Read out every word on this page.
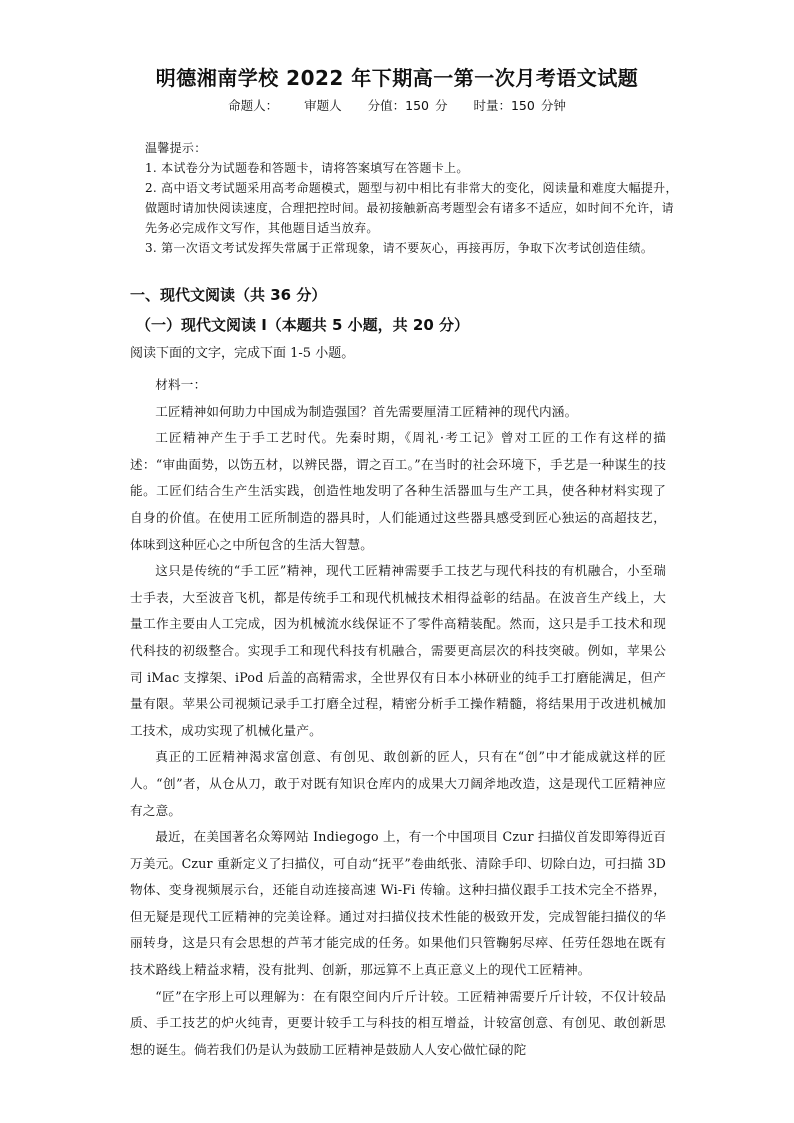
明德湘南学校 2022 年下期高一第一次月考语文试题
命题人： 审题人 分值：150 分 时量：150 分钟

温馨提示：

1. 本试卷分为试题卷和答题卡，请将答案填写在答题卡上。

2. 高中语文考试题采用高考命题模式，题型与初中相比有非常大的变化，阅读量和难度大幅提升，做题时请加快阅读速度，合理把控时间。最初接触新高考题型会有诸多不适应，如时间不允许，请先务必完成作文写作，其他题目适当放弃。

3. 第一次语文考试发挥失常属于正常现象，请不要灰心，再接再厉，争取下次考试创造佳绩。

一、现代文阅读（共 36 分）
（一）现代文阅读 I（本题共 5 小题，共 20 分）
阅读下面的文字，完成下面 1-5 小题。

材料一：

工匠精神如何助力中国成为制造强国？首先需要厘清工匠精神的现代内涵。

工匠精神产生于手工艺时代。先秦时期，《周礼·考工记》曾对工匠的工作有这样的描述：“审曲面势，以饬五材，以辨民器，谓之百工。”在当时的社会环境下，手艺是一种谋生的技能。工匠们结合生产生活实践，创造性地发明了各种生活器皿与生产工具，使各种材料实现了自身的价值。在使用工匠所制造的器具时，人们能通过这些器具感受到匠心独运的高超技艺，体味到这种匠心之中所包含的生活大智慧。

这只是传统的“手工匠”精神，现代工匠精神需要手工技艺与现代科技的有机融合，小至瑞士手表，大至波音飞机，都是传统手工和现代机械技术相得益彰的结晶。在波音生产线上，大量工作主要由人工完成，因为机械流水线保证不了零件高精装配。然而，这只是手工技术和现代科技的初级整合。实现手工和现代科技有机融合，需要更高层次的科技突破。例如，苹果公司 iMac 支撑架、iPod 后盖的高精需求，全世界仅有日本小林研业的纯手工打磨能满足，但产量有限。苹果公司视频记录手工打磨全过程，精密分析手工操作精髓，将结果用于改进机械加工技术，成功实现了机械化量产。

真正的工匠精神渴求富创意、有创见、敢创新的匠人，只有在“创”中才能成就这样的匠人。“创”者，从仓从刀，敢于对既有知识仓库内的成果大刀阔斧地改造，这是现代工匠精神应有之意。

最近，在美国著名众筹网站 Indiegogo 上，有一个中国项目 Czur 扫描仪首发即筹得近百万美元。Czur 重新定义了扫描仪，可自动“抚平”卷曲纸张、清除手印、切除白边，可扫描 3D 物体、变身视频展示台，还能自动连接高速 Wi-Fi 传输。这种扫描仪跟手工技术完全不搭界，但无疑是现代工匠精神的完美诠释。通过对扫描仪技术性能的极致开发，完成智能扫描仪的华丽转身，这是只有会思想的芦苇才能完成的任务。如果他们只管鞠躬尽瘁、任劳任怨地在既有技术路线上精益求精，没有批判、创新，那远算不上真正意义上的现代工匠精神。

“匠”在字形上可以理解为：在有限空间内斤斤计较。工匠精神需要斤斤计较，不仅计较品质、手工技艺的炉火纯青，更要计较手工与科技的相互增益，计较富创意、有创见、敢创新思想的诞生。倘若我们仍是认为鼓励工匠精神是鼓励人人安心做忙碌的陀
